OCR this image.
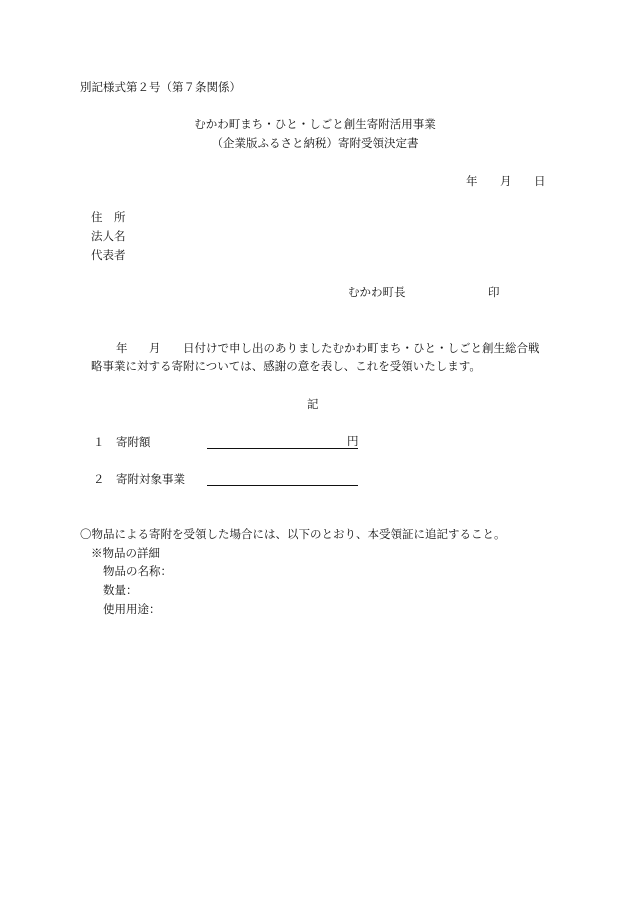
別記様式第２号（第７条関係）
むかわ町まち・ひと・しごと創生寄附活用事業
（企業版ふるさと納税）寄附受領決定書
年 月 日
住　所
法人名
代表者
むかわ町長	印
年 月 日付けで申し出のありましたむかわ町まち・ひと・しごと創生総合戦
略事業に対する寄附については、感謝の意を表し、これを受領いたします。
記
１ 寄附額	円
２ 寄附対象事業
〇物品による寄附を受領した場合には、以下のとおり、本受領証に追記すること。
※物品の詳細
物品の名称：
数量：
使用用途：
